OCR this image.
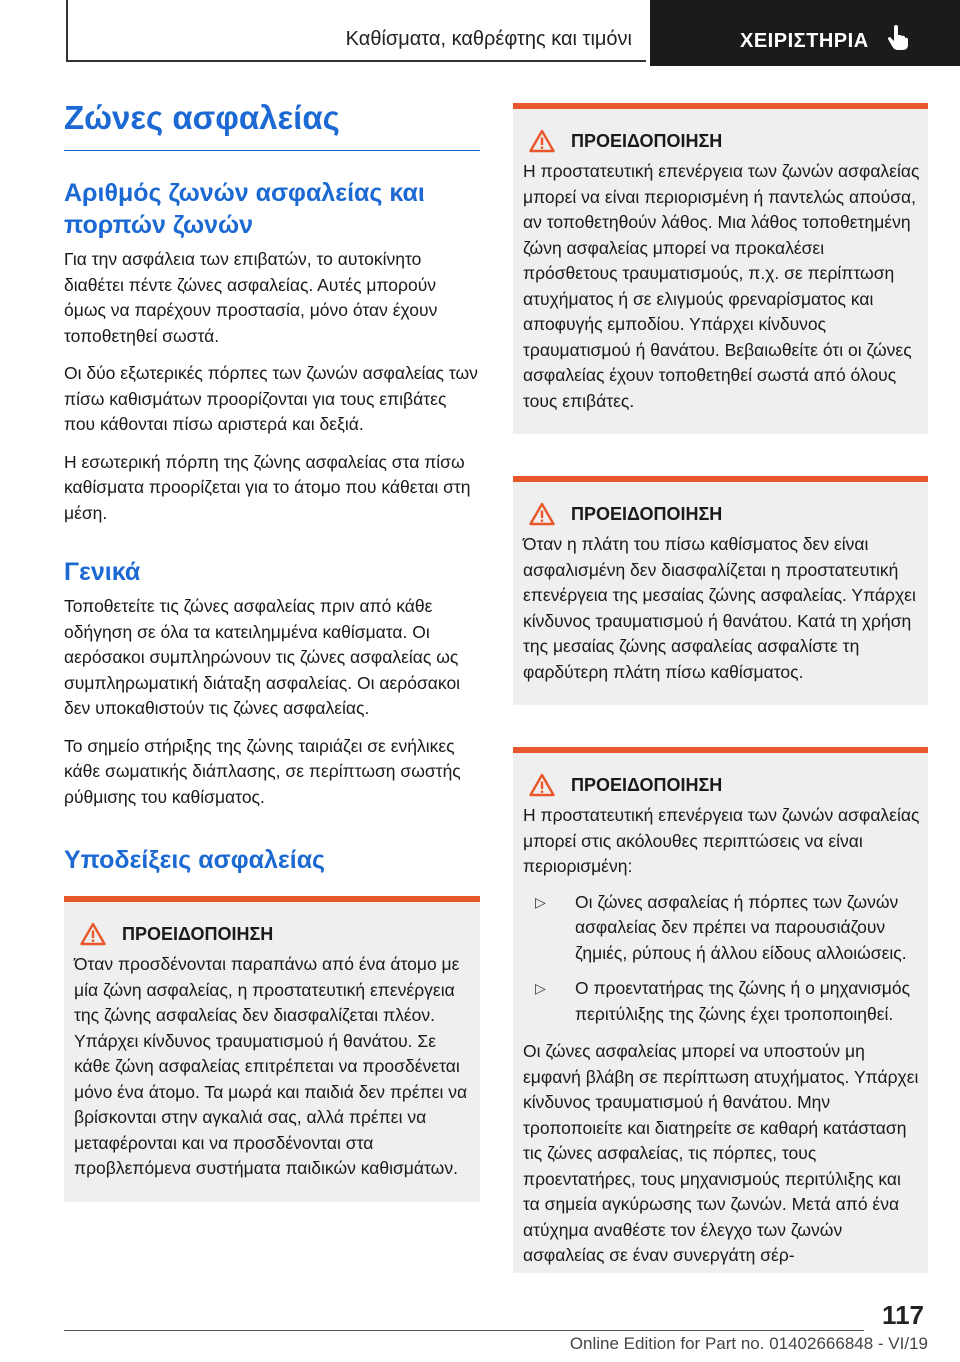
Καθίσματα, καθρέφτης και τιμόνι	ΧΕΙΡΙΣΤΗΡΙΑ
Ζώνες ασφαλείας
Αριθμός ζωνών ασφαλείας και πορπών ζωνών

Για την ασφάλεια των επιβατών, το αυτοκίνητο διαθέτει πέντε ζώνες ασφαλείας. Αυτές μπορούν όμως να παρέχουν προστασία, μόνο όταν έχουν τοποθετηθεί σωστά.

Οι δύο εξωτερικές πόρπες των ζωνών ασφαλείας των πίσω καθισμάτων προορίζονται για τους επιβάτες που κάθονται πίσω αριστερά και δεξιά.

Η εσωτερική πόρπη της ζώνης ασφαλείας στα πίσω καθίσματα προορίζεται για το άτομο που κάθεται στη μέση.

Γενικά

Τοποθετείτε τις ζώνες ασφαλείας πριν από κάθε οδήγηση σε όλα τα κατειλημμένα καθίσματα. Οι αερόσακοι συμπληρώνουν τις ζώνες ασφαλείας ως συμπληρωματική διάταξη ασφαλείας. Οι αερόσακοι δεν υποκαθιστούν τις ζώνες ασφαλείας.

Το σημείο στήριξης της ζώνης ταιριάζει σε ενήλικες κάθε σωματικής διάπλασης, σε περίπτωση σωστής ρύθμισης του καθίσματος.

Υποδείξεις ασφαλείας
ΠΡΟΕΙΔΟΠΟΙΗΣΗ

Όταν προσδένονται παραπάνω από ένα άτομο με μία ζώνη ασφαλείας, η προστατευτική επενέργεια της ζώνης ασφαλείας δεν διασφαλίζεται πλέον. Υπάρχει κίνδυνος τραυματισμού ή θανάτου. Σε κάθε ζώνη ασφαλείας επιτρέπεται να προσδένεται μόνο ένα άτομο. Τα μωρά και παιδιά δεν πρέπει να βρίσκονται στην αγκαλιά σας, αλλά πρέπει να μεταφέρονται και να προσδένονται στα προβλεπόμενα συστήματα παιδικών καθισμάτων.

ΠΡΟΕΙΔΟΠΟΙΗΣΗ

Η προστατευτική επενέργεια των ζωνών ασφαλείας μπορεί να είναι περιορισμένη ή παντελώς απούσα, αν τοποθετηθούν λάθος. Μια λάθος τοποθετημένη ζώνη ασφαλείας μπορεί να προκαλέσει πρόσθετους τραυματισμούς, π.χ. σε περίπτωση ατυχήματος ή σε ελιγμούς φρεναρίσματος και αποφυγής εμποδίου. Υπάρχει κίνδυνος τραυματισμού ή θανάτου. Βεβαιωθείτε ότι οι ζώνες ασφαλείας έχουν τοποθετηθεί σωστά από όλους τους επιβάτες.

ΠΡΟΕΙΔΟΠΟΙΗΣΗ

Όταν η πλάτη του πίσω καθίσματος δεν είναι ασφαλισμένη δεν διασφαλίζεται η προστατευτική επενέργεια της μεσαίας ζώνης ασφαλείας. Υπάρχει κίνδυνος τραυματισμού ή θανάτου. Κατά τη χρήση της μεσαίας ζώνης ασφαλείας ασφαλίστε τη φαρδύτερη πλάτη πίσω καθίσματος.

ΠΡΟΕΙΔΟΠΟΙΗΣΗ

Η προστατευτική επενέργεια των ζωνών ασφαλείας μπορεί στις ακόλουθες περιπτώσεις να είναι περιορισμένη:

▷	Οι ζώνες ασφαλείας ή πόρπες των ζωνών ασφαλείας δεν πρέπει να παρουσιάζουν ζημιές, ρύπους ή άλλου είδους αλλοιώσεις.
▷	Ο προεντατήρας της ζώνης ή ο μηχανισμός περιτύλιξης της ζώνης έχει τροποποιηθεί.

Οι ζώνες ασφαλείας μπορεί να υποστούν μη εμφανή βλάβη σε περίπτωση ατυχήματος. Υπάρχει κίνδυνος τραυματισμού ή θανάτου. Μην τροποποιείτε και διατηρείτε σε καθαρή κατάσταση τις ζώνες ασφαλείας, τις πόρπες, τους προεντατήρες, τους μηχανισμούς περιτύλιξης και τα σημεία αγκύρωσης των ζωνών. Μετά από ένα ατύχημα αναθέστε τον έλεγχο των ζωνών ασφαλείας σε έναν συνεργάτη σέρ-

117
Online Edition for Part no. 01402666848 - VI/19
